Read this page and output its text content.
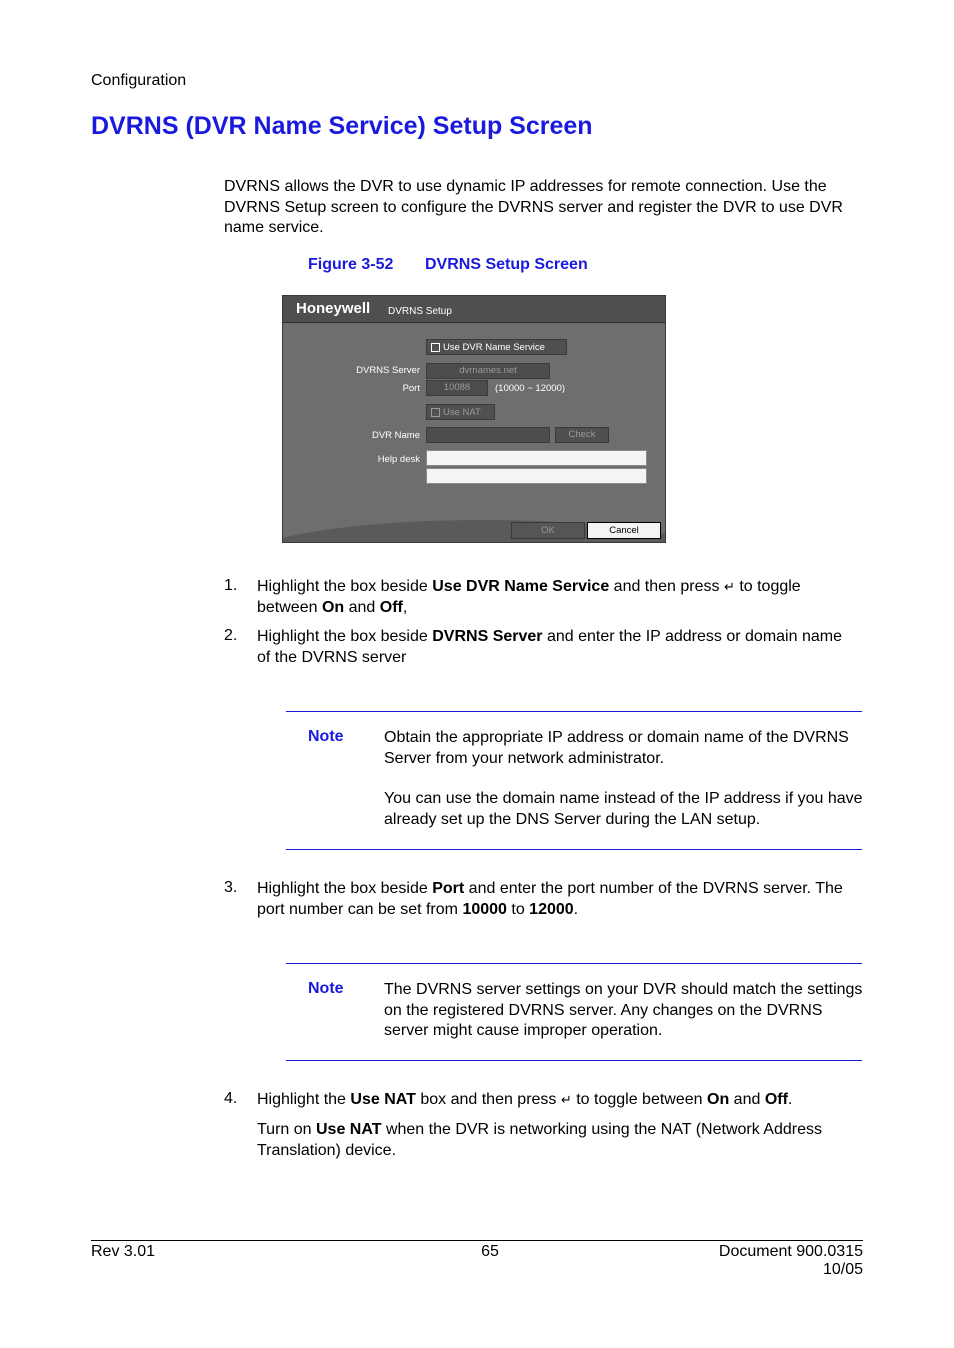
Configuration
DVRNS (DVR Name Service) Setup Screen
DVRNS allows the DVR to use dynamic IP addresses for remote connection. Use the DVRNS Setup screen to configure the DVRNS server and register the DVR to use DVR name service.
Figure 3-52 DVRNS Setup Screen
Honeywell DVRNS Setup
Use DVR Name Service
DVRNS Server	dvrnames.net
Port	10088	(10000 ~ 12000)
Use NAT
DVR Name	Check
Help desk
OK	Cancel
1. Highlight the box beside Use DVR Name Service and then press ↵ to toggle between On and Off,
2. Highlight the box beside DVRNS Server and enter the IP address or domain name of the DVRNS server
Note	Obtain the appropriate IP address or domain name of the DVRNS Server from your network administrator.
You can use the domain name instead of the IP address if you have already set up the DNS Server during the LAN setup.
3. Highlight the box beside Port and enter the port number of the DVRNS server. The port number can be set from 10000 to 12000.
Note	The DVRNS server settings on your DVR should match the settings on the registered DVRNS server. Any changes on the DVRNS server might cause improper operation.
4. Highlight the Use NAT box and then press ↵ to toggle between On and Off.
Turn on Use NAT when the DVR is networking using the NAT (Network Address Translation) device.
Rev 3.01	65	Document 900.0315
10/05
